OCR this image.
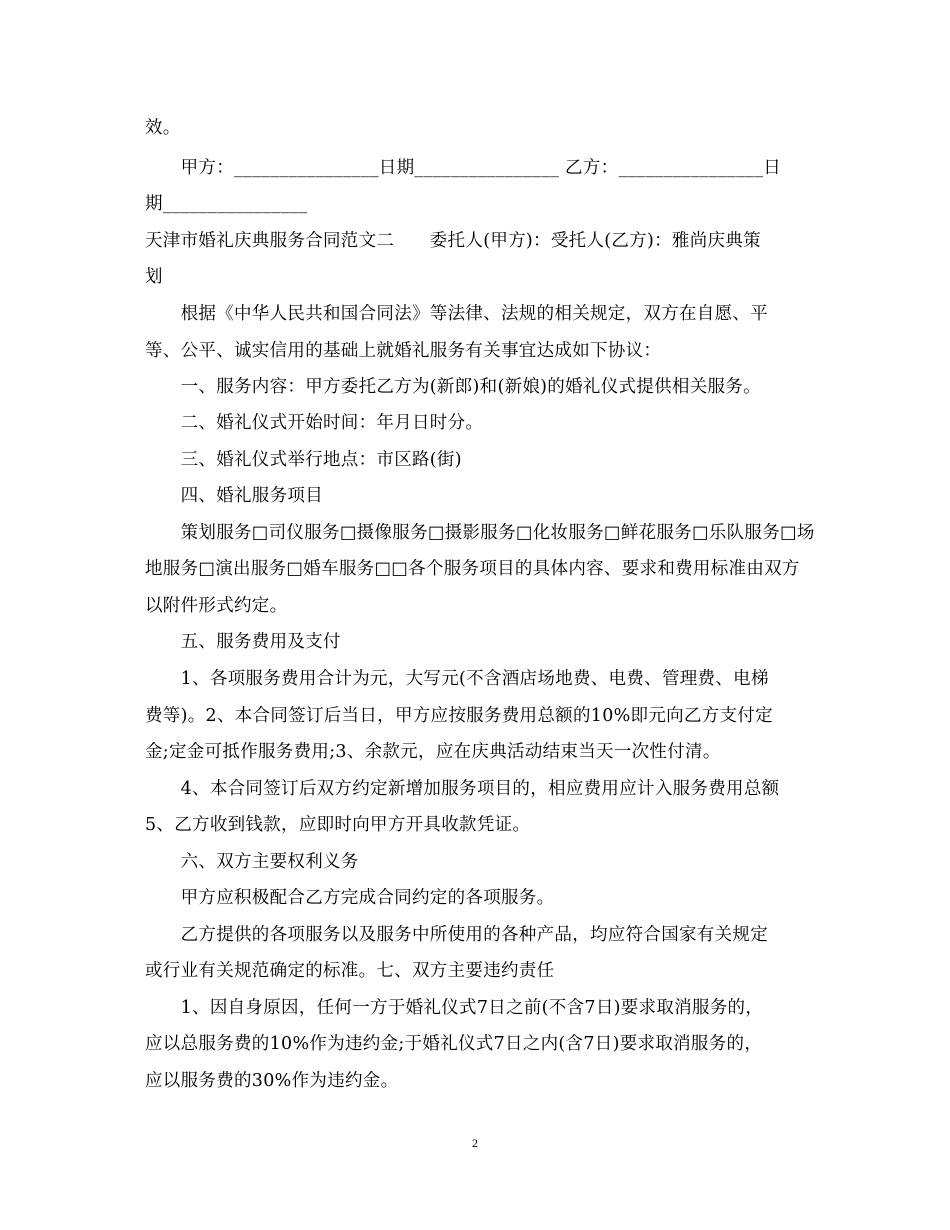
效。
　　甲方：________________日期________________ 乙方：________________日
期________________
天津市婚礼庆典服务合同范文二　　委托人(甲方)：受托人(乙方)：雅尚庆典策
划
　　根据《中华人民共和国合同法》等法律、法规的相关规定，双方在自愿、平
等、公平、诚实信用的基础上就婚礼服务有关事宜达成如下协议：
　　一、服务内容：甲方委托乙方为(新郎)和(新娘)的婚礼仪式提供相关服务。
　　二、婚礼仪式开始时间：年月日时分。
　　三、婚礼仪式举行地点：市区路(街)
　　四、婚礼服务项目
　　策划服务□司仪服务□摄像服务□摄影服务□化妆服务□鲜花服务□乐队服务□场
地服务□演出服务□婚车服务□□各个服务项目的具体内容、要求和费用标准由双方
以附件形式约定。
　　五、服务费用及支付
　　1、各项服务费用合计为元，大写元(不含酒店场地费、电费、管理费、电梯
费等)。2、本合同签订后当日，甲方应按服务费用总额的10%即元向乙方支付定
金;定金可抵作服务费用;3、余款元，应在庆典活动结束当天一次性付清。
　　4、本合同签订后双方约定新增加服务项目的，相应费用应计入服务费用总额
5、乙方收到钱款，应即时向甲方开具收款凭证。
　　六、双方主要权利义务
　　甲方应积极配合乙方完成合同约定的各项服务。
　　乙方提供的各项服务以及服务中所使用的各种产品，均应符合国家有关规定
或行业有关规范确定的标准。七、双方主要违约责任
　　1、因自身原因，任何一方于婚礼仪式7日之前(不含7日)要求取消服务的，
应以总服务费的10%作为违约金;于婚礼仪式7日之内(含7日)要求取消服务的，
应以服务费的30%作为违约金。
2
